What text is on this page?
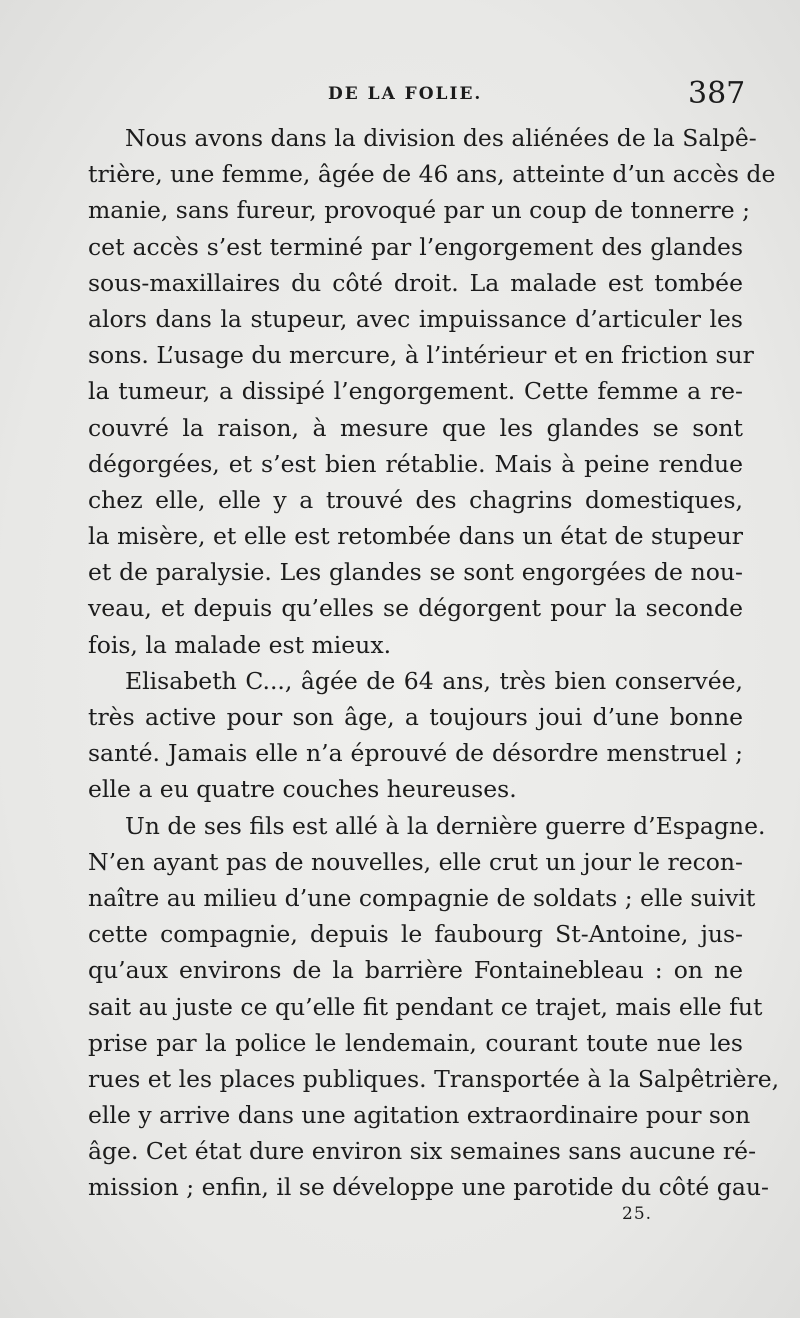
DE LA FOLIE.	387
Nous avons dans la division des aliénées de la Salpê-
trière, une femme, âgée de 46 ans, atteinte d’un accès de
manie, sans fureur, provoqué par un coup de tonnerre ;
cet accès s’est terminé par l’engorgement des glandes
sous-maxillaires du côté droit. La malade est tombée
alors dans la stupeur, avec impuissance d’articuler les
sons. L’usage du mercure, à l’intérieur et en friction sur
la tumeur, a dissipé l’engorgement. Cette femme a re-
couvré la raison, à mesure que les glandes se sont
dégorgées, et s’est bien rétablie. Mais à peine rendue
chez elle, elle y a trouvé des chagrins domestiques,
la misère, et elle est retombée dans un état de stupeur
et de paralysie. Les glandes se sont engorgées de nou-
veau, et depuis qu’elles se dégorgent pour la seconde
fois, la malade est mieux.
Elisabeth C..., âgée de 64 ans, très bien conservée,
très active pour son âge, a toujours joui d’une bonne
santé. Jamais elle n’a éprouvé de désordre menstruel ;
elle a eu quatre couches heureuses.
Un de ses fils est allé à la dernière guerre d’Espagne.
N’en ayant pas de nouvelles, elle crut un jour le recon-
naître au milieu d’une compagnie de soldats ; elle suivit
cette compagnie, depuis le faubourg St-Antoine, jus-
qu’aux environs de la barrière Fontainebleau : on ne
sait au juste ce qu’elle fit pendant ce trajet, mais elle fut
prise par la police le lendemain, courant toute nue les
rues et les places publiques. Transportée à la Salpêtrière,
elle y arrive dans une agitation extraordinaire pour son
âge. Cet état dure environ six semaines sans aucune ré-
mission ; enfin, il se développe une parotide du côté gau-
25.
